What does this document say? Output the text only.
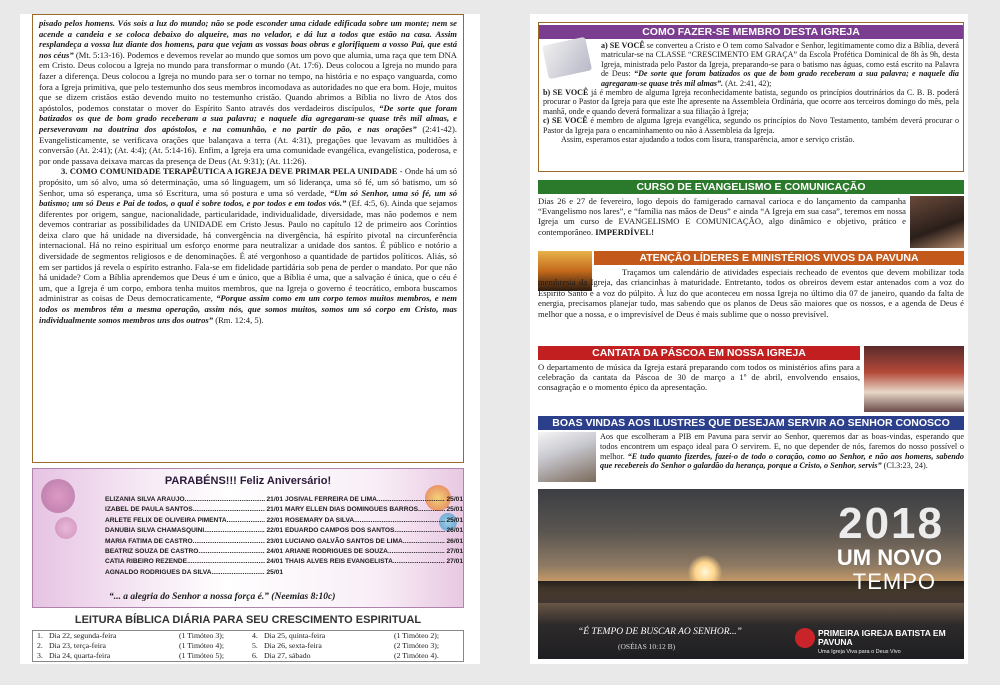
pisado pelos homens. Vós sois a luz do mundo; não se pode esconder uma cidade edificada sobre um monte; nem se acende a candeia e se coloca debaixo do alqueire, mas no velador, e dá luz a todos que estão na casa. Assim resplandeça a vossa luz diante dos homens, para que vejam as vossas boas obras e glorifiquem a vosso Pai, que está nos céus” (Mt. 5:13-16). Podemos e devemos revelar ao mundo que somos um povo que alumia, uma raça que tem DNA em Cristo. Deus colocou a Igreja no mundo para transformar o mundo (At. 17:6). Deus colocou a Igreja no mundo para fazer a diferença. Deus colocou a Igreja no mundo para ser o tornar no tempo, na história e no espaço vanguarda, como fora a Igreja primitiva, que pelo testemunho dos seus membros incomodava as autoridades no que era bom. Hoje, muitos que se dizem cristãos estão devendo muito no testemunho cristão. Quando abrimos a Bíblia no livro de Atos dos apóstolos, podemos constatar o mover do Espírito Santo através dos verdadeiros discípulos, “De sorte que foram batizados os que de bom grado receberam a sua palavra; e naquele dia agregaram-se quase três mil almas, e perseveravam na doutrina dos apóstolos, e na comunhão, e no partir do pão, e nas orações” (2:41-42). Evangelisticamente, se verificava orações que balançava a terra (At. 4:31), pregações que levavam as multidões à conversão (At. 2:41); (At. 4:4); (At. 5:14-16). Enfim, a Igreja era uma comunidade evangélica, evangelística, poderosa, e por onde passava deixava marcas da presença de Deus (At. 9:31); (At. 11:26).

3. COMO COMUNIDADE TERAPÊUTICA A IGREJA DEVE PRIMAR PELA UNIDADE - Onde há um só propósito, um só alvo, uma só determinação, uma só linguagem, um só liderança, uma só fé, um só batismo, um só Senhor, uma só esperança, uma só Escritura, uma só postura e uma só verdade, “Um só Senhor, uma só fé, um só batismo; um só Deus e Pai de todos, o qual é sobre todos, e por todos e em todos vós.” (Ef. 4:5, 6). Ainda que sejamos diferentes por origem, sangue, nacionalidade, particularidade, individualidade, diversidade, mas não podemos e nem devemos contrariar as possibilidades da UNIDADE em Cristo Jesus. Paulo no capítulo 12 de primeiro aos Coríntios deixa claro que há unidade na diversidade, há convergência na divergência, há espírito pivotal na circunferência internacional. Há no reino espiritual um esforço enorme para neutralizar a unidade dos santos. É público e notório a diversidade de segmentos religiosos e de denominações. É até vergonhoso a quantidade de partidos políticos. Aliás, só em ser partidos já revela o espírito estranho. Fala-se em fidelidade partidária sob pena de perder o mandato. Por que não há unidade? Com a Bíblia aprendemos que Deus é um e único, que a Bíblia é uma, que a salvação é única, que o céu é um, que a Igreja é um corpo, embora tenha muitos membros, que na Igreja o governo é teocrático, embora buscamos administrar as coisas de Deus democraticamente, “Porque assim como em um corpo temos muitos membros, e nem todos os membros têm a mesma operação, assim nós, que somos muitos, somos um só corpo em Cristo, mas individualmente somos membros uns dos outros” (Rm. 12:4, 5).

PARABÉNS!!! Feliz Aniversário!
ELIZANIA SILVA ARAUJO .....	21/01
IZABEL DE PAULA SANTOS .....	21/01
ARLETE FELIX DE OLIVEIRA PIMENTA .....	22/01
DANUBIA SILVA CHAMASQUINI .....	22/01
MARIA FATIMA DE CASTRO .....	23/01
BEATRIZ SOUZA DE CASTRO .....	24/01
CATIA RIBEIRO REZENDE .....	24/01
AGNALDO RODRIGUES DA SILVA .....	25/01
JOSIVAL FERREIRA DE LIMA .....	25/01
MARY ELLEN DIAS DOMINGUES BARROS .....	25/01
ROSEMARY DA SILVA .....	25/01
EDUARDO CAMPOS DOS SANTOS .....	26/01
LUCIANO GALVÃO SANTOS DE LIMA .....	26/01
ARIANE RODRIGUES DE SOUZA .....	27/01
THAIS ALVES REIS EVANGELISTA .....	27/01
“... a alegria do Senhor a nossa força é.” (Neemias 8:10c)
LEITURA BÍBLICA DIÁRIA PARA SEU CRESCIMENTO ESPIRITUAL
1.	Dia 22, segunda-feira	(1 Timóteo 3);	4.	Dia 25, quinta-feira	(1 Timóteo 2);
2.	Dia 23, terça-feira	(1 Timóteo 4);	5.	Dia 26, sexta-feira	(2 Timóteo 3);
3.	Dia 24, quarta-feira	(1 Timóteo 5);	6.	Dia 27, sábado	(2 Timóteo 4).
COMO FAZER-SE MEMBRO DESTA IGREJA

a) SE VOCÊ se converteu a Cristo e O tem como Salvador e Senhor, legitimamente como diz a Bíblia, deverá matricular-se na CLASSE “CRESCIMENTO EM GRAÇA” da Escola Profética Dominical de 8h às 9h, desta Igreja, ministrada pelo Pastor da Igreja, preparando-se para o batismo nas águas, como está escrito na Palavra de Deus: “De sorte que foram batizados os que de bom grado receberam a sua palavra; e naquele dia agregaram-se quase três mil almas”. (At. 2:41, 42);

b) SE VOCÊ já é membro de alguma Igreja reconhecidamente batista, segundo os princípios doutrinários da C. B. B. poderá procurar o Pastor da Igreja para que este lhe apresente na Assembleia Ordinária, que ocorre aos terceiros domingo do mês, pela manhã, onde e quando deverá formalizar a sua filiação à Igreja;

c) SE VOCÊ é membro de alguma Igreja evangélica, segundo os princípios do Novo Testamento, também deverá procurar o Pastor da Igreja para o encaminhamento ou não à Assembleia da Igreja.

Assim, esperamos estar ajudando a todos com lisura, transparência, amor e serviço cristão.

CURSO DE EVANGELISMO E COMUNICAÇÃO
Dias 26 e 27 de fevereiro, logo depois do famigerado carnaval carioca e do lançamento da campanha “Evangelismo nos lares”, e “família nas mãos de Deus” e ainda “A Igreja em sua casa”, teremos em nossa Igreja um curso de EVANGELISMO E COMUNICAÇÃO, algo dinâmico e objetivo, prático e contemporâneo. IMPERDÍVEL!
ATENÇÃO LÍDERES E MINISTÉRIOS VIVOS DA PAVUNA
Traçamos um calendário de atividades especiais recheado de eventos que devem mobilizar toda membresia da Igreja, das criancinhas à maturidade. Entretanto, todos os obreiros devem estar antenados com a voz do Espírito Santo e a voz do púlpito. À luz do que aconteceu em nossa Igreja no último dia 07 de janeiro, quando da falta de energia, precisamos planejar tudo, mas sabendo que os planos de Deus são maiores que os nossos, e a agenda de Deus é melhor que a nossa, e o imprevisível de Deus é mais sublime que o nosso previsível.
CANTATA DA PÁSCOA EM NOSSA IGREJA
O departamento de música da Igreja estará preparando com todos os ministérios afins para a celebração da cantata da Páscoa de 30 de março a 1º de abril, envolvendo ensaios, consagração e o momento épico da apresentação.
BOAS VINDAS AOS ILUSTRES QUE DESEJAM SERVIR AO SENHOR CONOSCO
Aos que escolheram a PIB em Pavuna para servir ao Senhor, queremos dar as boas-vindas, esperando que todos encontrem um espaço ideal para O servirem. E, no que depender de nós, faremos do nosso possível o melhor. “E tudo quanto fizerdes, fazei-o de todo o coração, como ao Senhor, e não aos homens, sabendo que recebereis do Senhor o galardão da herança, porque a Cristo, o Senhor, servis” (Cl.3:23, 24).
2018
UM NOVO
TEMPO
“É TEMPO DE BUSCAR AO SENHOR...”
(OSÉIAS 10:12 B)
PRIMEIRA IGREJA BATISTA EM PAVUNA
Uma Igreja Viva para o Deus Vivo
